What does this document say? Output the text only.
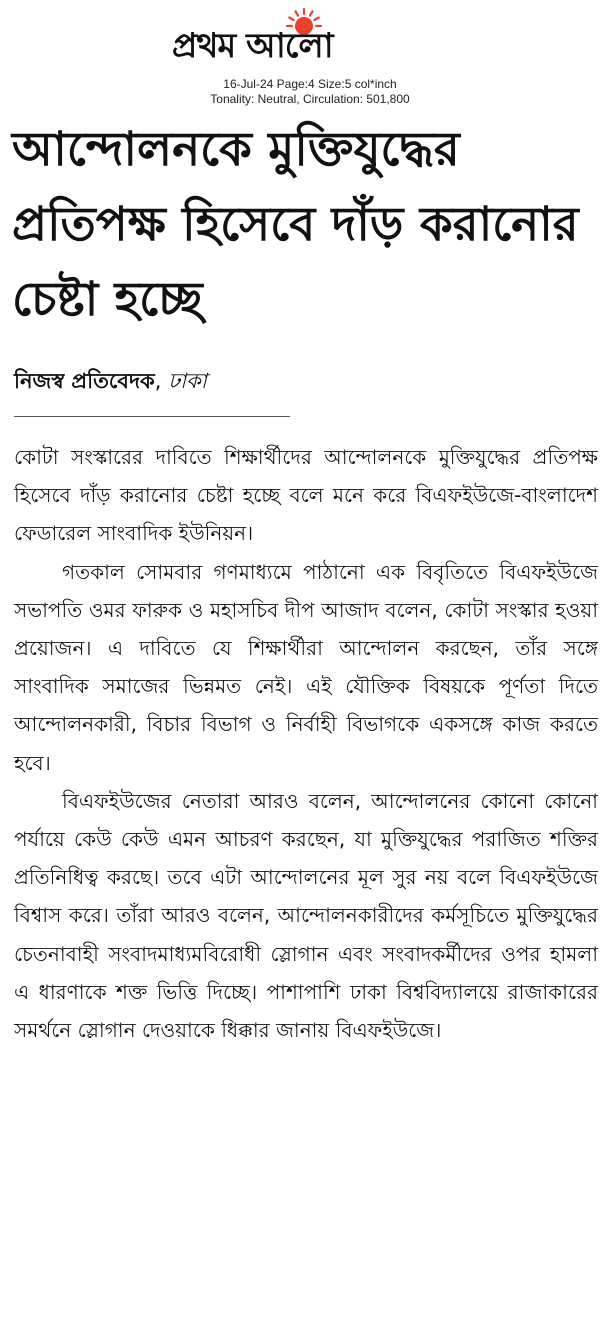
প্রথম আলো
16-Jul-24 Page:4 Size:5 col*inch
Tonality: Neutral, Circulation: 501,800
আন্দোলনকে মুক্তিযুদ্ধের প্রতিপক্ষ হিসেবে দাঁড় করানোর চেষ্টা হচ্ছে
নিজস্ব প্রতিবেদক, ঢাকা

কোটা সংস্কারের দাবিতে শিক্ষার্থীদের আন্দোলনকে মুক্তিযুদ্ধের প্রতিপক্ষ হিসেবে দাঁড় করানোর চেষ্টা হচ্ছে বলে মনে করে বিএফইউজে-বাংলাদেশ ফেডারেল সাংবাদিক ইউনিয়ন।

গতকাল সোমবার গণমাধ্যমে পাঠানো এক বিবৃতিতে বিএফইউজে সভাপতি ওমর ফারুক ও মহাসচিব দীপ আজাদ বলেন, কোটা সংস্কার হওয়া প্রয়োজন। এ দাবিতে যে শিক্ষার্থীরা আন্দোলন করছেন, তাঁর সঙ্গে সাংবাদিক সমাজের ভিন্নমত নেই। এই যৌক্তিক বিষয়কে পূর্ণতা দিতে আন্দোলনকারী, বিচার বিভাগ ও নির্বাহী বিভাগকে একসঙ্গে কাজ করতে হবে।

বিএফইউজের নেতারা আরও বলেন, আন্দোলনের কোনো কোনো পর্যায়ে কেউ কেউ এমন আচরণ করছেন, যা মুক্তিযুদ্ধের পরাজিত শক্তির প্রতিনিধিত্ব করছে। তবে এটা আন্দোলনের মূল সুর নয় বলে বিএফইউজে বিশ্বাস করে। তাঁরা আরও বলেন, আন্দোলনকারীদের কর্মসূচিতে মুক্তিযুদ্ধের চেতনাবাহী সংবাদমাধ্যমবিরোধী স্লোগান এবং সংবাদকর্মীদের ওপর হামলা এ ধারণাকে শক্ত ভিত্তি দিচ্ছে। পাশাপাশি ঢাকা বিশ্ববিদ্যালয়ে রাজাকারের সমর্থনে স্লোগান দেওয়াকে ধিক্কার জানায় বিএফইউজে।
